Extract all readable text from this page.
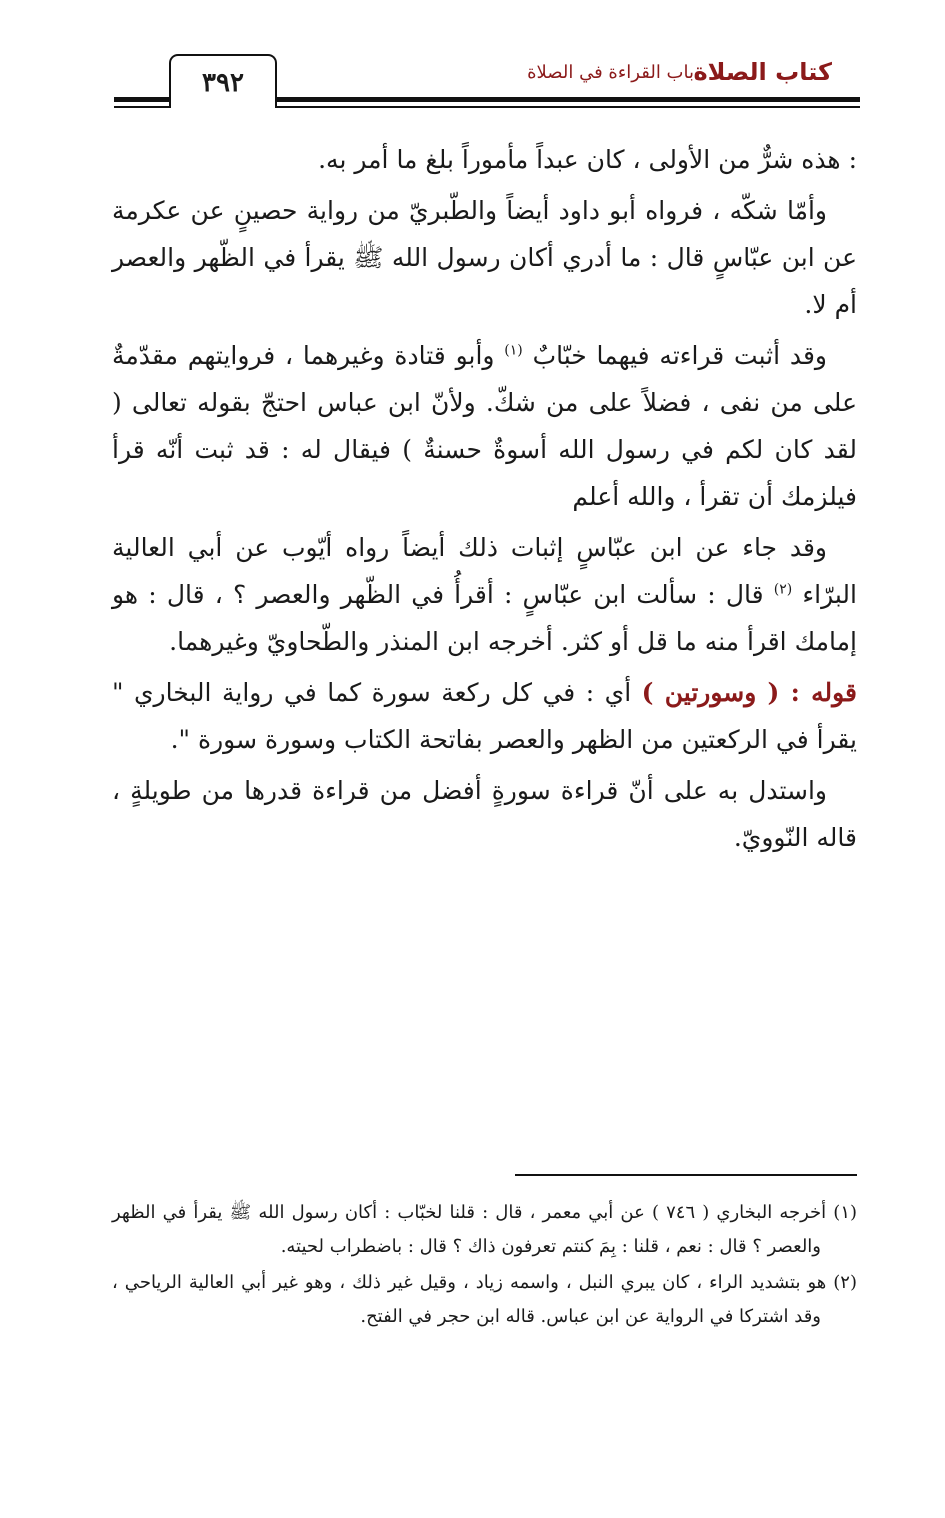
٣٩٢	كتاب الصلاة
باب القراءة في الصلاة

: هذه شرٌّ من الأولى ، كان عبداً مأموراً بلغ ما أمر به.

وأمّا شكّه ، فرواه أبو داود أيضاً والطّبريّ من رواية حصينٍ عن عكرمة عن ابن عبّاسٍ قال : ما أدري أكان رسول الله ﷺ يقرأ في الظّهر والعصر أم لا.

وقد أثبت قراءته فيهما خبّابٌ $^{(١)}$ وأبو قتادة وغيرهما ، فروايتهم مقدّمةٌ على من نفى ، فضلاً على من شكّ. ولأنّ ابن عباس احتجّ بقوله تعالى ( لقد كان لكم في رسول الله أسوةٌ حسنةٌ ) فيقال له : قد ثبت أنّه قرأ فيلزمك أن تقرأ ، والله أعلم

وقد جاء عن ابن عبّاسٍ إثبات ذلك أيضاً رواه أيّوب عن أبي العالية البرّاء $^{(٢)}$ قال : سألت ابن عبّاسٍ : أقرأُ في الظّهر والعصر ؟ ، قال : هو إمامك اقرأ منه ما قل أو كثر. أخرجه ابن المنذر والطّحاويّ وغيرهما.

قوله : ( وسورتين ) أي : في كل ركعة سورة كما في رواية البخاري " يقرأ في الركعتين من الظهر والعصر بفاتحة الكتاب وسورة سورة ".

واستدل به على أنّ قراءة سورةٍ أفضل من قراءة قدرها من طويلةٍ ، قاله النّوويّ.

(١) أخرجه البخاري ( ٧٤٦ ) عن أبي معمر ، قال : قلنا لخبّاب : أكان رسول الله ﷺ يقرأ في الظهر والعصر ؟ قال : نعم ، قلنا : بِمَ كنتم تعرفون ذاك ؟ قال : باضطراب لحيته.

(٢) هو بتشديد الراء ، كان يبري النبل ، واسمه زياد ، وقيل غير ذلك ، وهو غير أبي العالية الرياحي ، وقد اشتركا في الرواية عن ابن عباس. قاله ابن حجر في الفتح.
